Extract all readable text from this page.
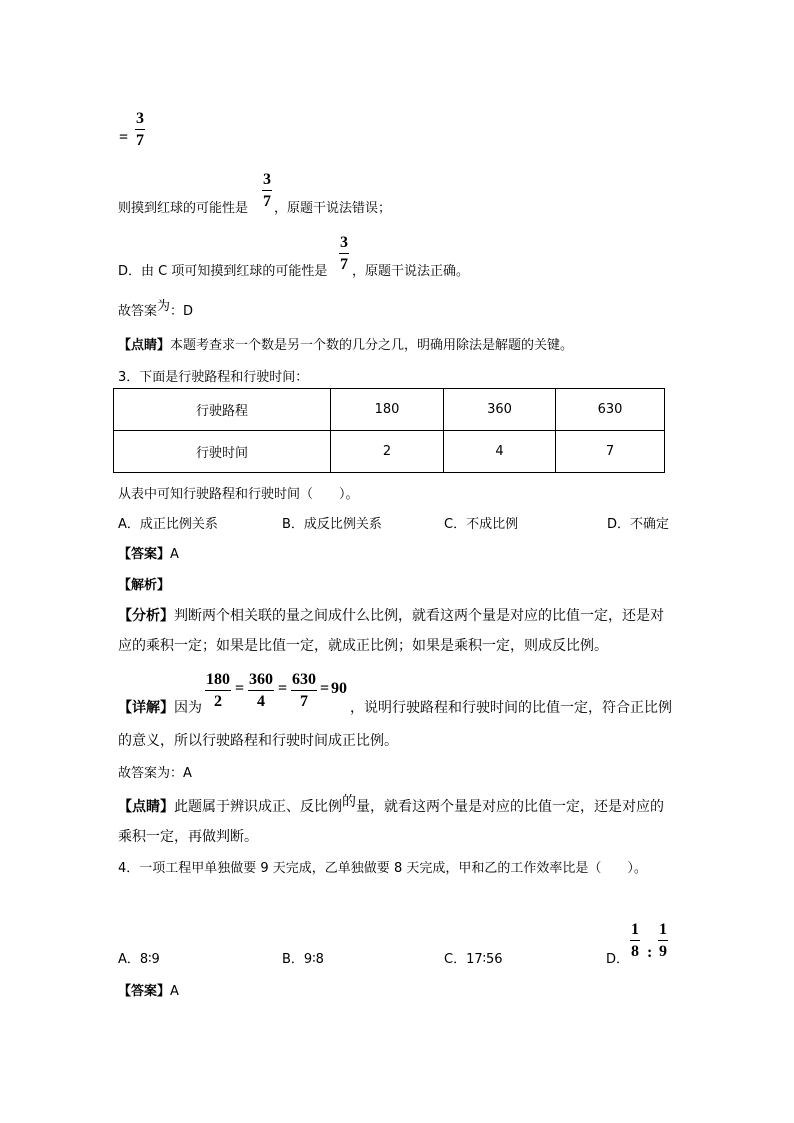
= $\frac{3}{7}$
则摸到红球的可能性是 $\frac{3}{7}$ ，原题干说法错误；
D．由 C 项可知摸到红球的可能性是 $\frac{3}{7}$ ，原题干说法正确。
故答案为：D
【点睛】本题考查求一个数是另一个数的几分之几，明确用除法是解题的关键。
3．下面是行驶路程和行驶时间：
行驶路程	180	360	630
行驶时间	2	4	7
从表中可知行驶路程和行驶时间（　　）。
A．成正比例关系	B．成反比例关系	C．不成比例	D．不确定
【答案】A
【解析】
【分析】判断两个相关联的量之间成什么比例，就看这两个量是对应的比值一定，还是对
应的乘积一定；如果是比值一定，就成正比例；如果是乘积一定，则成反比例。
【详解】因为 $\frac{180}{2} = \frac{360}{4} = \frac{630}{7} = 90$
，说明行驶路程和行驶时间的比值一定，符合正比例
的意义，所以行驶路程和行驶时间成正比例。
故答案为：A
【点睛】此题属于辨识成正、反比例的量，就看这两个量是对应的比值一定，还是对应的
乘积一定，再做判断。
4．一项工程甲单独做要 9 天完成，乙单独做要 8 天完成，甲和乙的工作效率比是（　　）。
A．8∶9	B．9∶8	C．17∶56	D． $\frac{1}{8}$ : $\frac{1}{9}$
【答案】A
